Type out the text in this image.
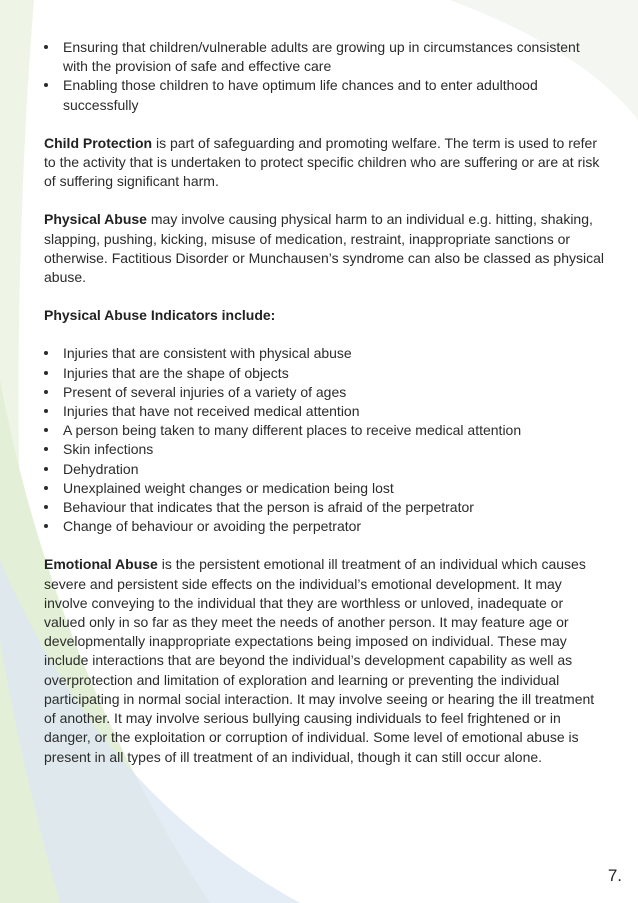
Ensuring that children/vulnerable adults are growing up in circumstances consistent with the provision of safe and effective care
Enabling those children to have optimum life chances and to enter adulthood successfully

Child Protection is part of safeguarding and promoting welfare. The term is used to refer to the activity that is undertaken to protect specific children who are suffering or are at risk of suffering significant harm.

Physical Abuse may involve causing physical harm to an individual e.g. hitting, shaking, slapping, pushing, kicking, misuse of medication, restraint, inappropriate sanctions or otherwise. Factitious Disorder or Munchausen’s syndrome can also be classed as physical abuse.

Physical Abuse Indicators include:

Injuries that are consistent with physical abuse
Injuries that are the shape of objects
Present of several injuries of a variety of ages
Injuries that have not received medical attention
A person being taken to many different places to receive medical attention
Skin infections
Dehydration
Unexplained weight changes or medication being lost
Behaviour that indicates that the person is afraid of the perpetrator
Change of behaviour or avoiding the perpetrator

Emotional Abuse is the persistent emotional ill treatment of an individual which causes severe and persistent side effects on the individual’s emotional development. It may involve conveying to the individual that they are worthless or unloved, inadequate or valued only in so far as they meet the needs of another person. It may feature age or developmentally inappropriate expectations being imposed on individual. These may include interactions that are beyond the individual’s development capability as well as overprotection and limitation of exploration and learning or preventing the individual participating in normal social interaction. It may involve seeing or hearing the ill treatment of another. It may involve serious bullying causing individuals to feel frightened or in danger, or the exploitation or corruption of individual. Some level of emotional abuse is present in all types of ill treatment of an individual, though it can still occur alone.

7.
